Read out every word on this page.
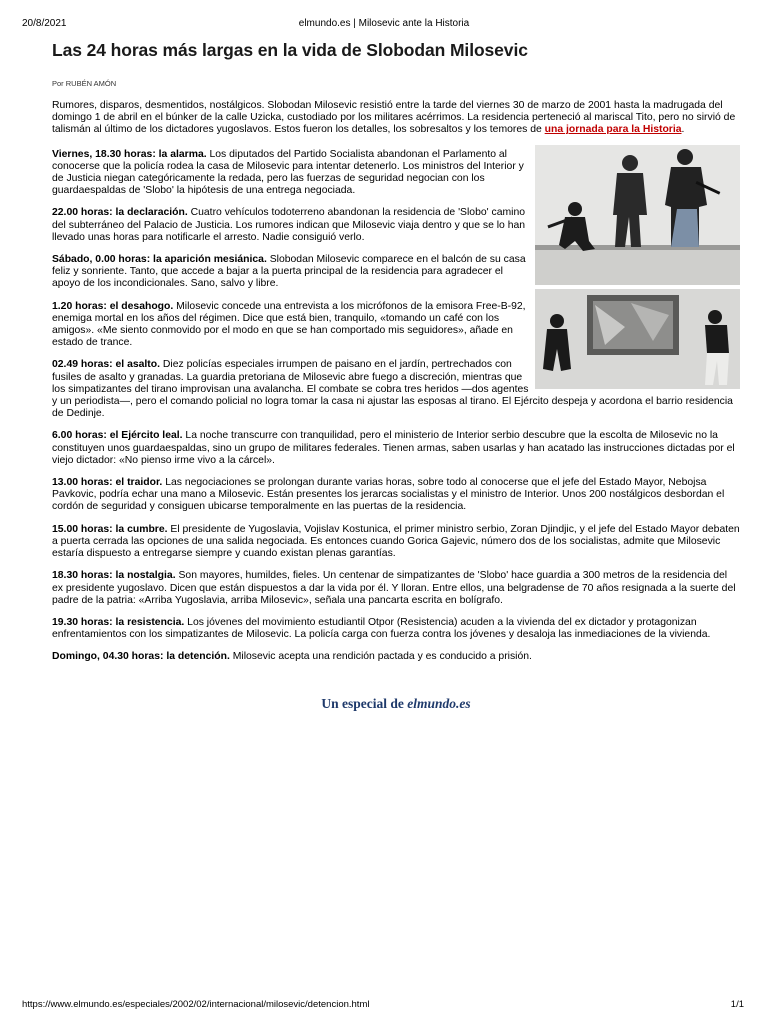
20/8/2021	elmundo.es | Milosevic ante la Historia
Las 24 horas más largas en la vida de Slobodan Milosevic
Por RUBÉN AMÓN

Rumores, disparos, desmentidos, nostálgicos. Slobodan Milosevic resistió entre la tarde del viernes 30 de marzo de 2001 hasta la madrugada del domingo 1 de abril en el búnker de la calle Uzicka, custodiado por los militares acérrimos. La residencia perteneció al mariscal Tito, pero no sirvió de talismán al último de los dictadores yugoslavos. Estos fueron los detalles, los sobresaltos y los temores de una jornada para la Historia.

Viernes, 18.30 horas: la alarma. Los diputados del Partido Socialista abandonan el Parlamento al conocerse que la policía rodea la casa de Milosevic para intentar detenerlo. Los ministros del Interior y de Justicia niegan categóricamente la redada, pero las fuerzas de seguridad negocian con los guardaespaldas de 'Slobo' la hipótesis de una entrega negociada.

22.00 horas: la declaración. Cuatro vehículos todoterreno abandonan la residencia de 'Slobo' camino del subterráneo del Palacio de Justicia. Los rumores indican que Milosevic viaja dentro y que se lo han llevado unas horas para notificarle el arresto. Nadie consiguió verlo.

Sábado, 0.00 horas: la aparición mesiánica. Slobodan Milosevic comparece en el balcón de su casa feliz y sonriente. Tanto, que accede a bajar a la puerta principal de la residencia para agradecer el apoyo de los incondicionales. Sano, salvo y libre.

1.20 horas: el desahogo. Milosevic concede una entrevista a los micrófonos de la emisora Free-B-92, enemiga mortal en los años del régimen. Dice que está bien, tranquilo, «tomando un café con los amigos». «Me siento conmovido por el modo en que se han comportado mis seguidores», añade en estado de trance.

02.49 horas: el asalto. Diez policías especiales irrumpen de paisano en el jardín, pertrechados con fusiles de asalto y granadas. La guardia pretoriana de Milosevic abre fuego a discreción, mientras que los simpatizantes del tirano improvisan una avalancha. El combate se cobra tres heridos —dos agentes y un periodista—, pero el comando policial no logra tomar la casa ni ajustar las esposas al tirano. El Ejército despeja y acordona el barrio residencia de Dedinje.

6.00 horas: el Ejército leal. La noche transcurre con tranquilidad, pero el ministerio de Interior serbio descubre que la escolta de Milosevic no la constituyen unos guardaespaldas, sino un grupo de militares federales. Tienen armas, saben usarlas y han acatado las instrucciones dictadas por el viejo dictador: «No pienso irme vivo a la cárcel».

13.00 horas: el traidor. Las negociaciones se prolongan durante varias horas, sobre todo al conocerse que el jefe del Estado Mayor, Nebojsa Pavkovic, podría echar una mano a Milosevic. Están presentes los jerarcas socialistas y el ministro de Interior. Unos 200 nostálgicos desbordan el cordón de seguridad y consiguen ubicarse temporalmente en las puertas de la residencia.

15.00 horas: la cumbre. El presidente de Yugoslavia, Vojislav Kostunica, el primer ministro serbio, Zoran Djindjic, y el jefe del Estado Mayor debaten a puerta cerrada las opciones de una salida negociada. Es entonces cuando Gorica Gajevic, número dos de los socialistas, admite que Milosevic estaría dispuesto a entregarse siempre y cuando existan plenas garantías.

18.30 horas: la nostalgia. Son mayores, humildes, fieles. Un centenar de simpatizantes de 'Slobo' hace guardia a 300 metros de la residencia del ex presidente yugoslavo. Dicen que están dispuestos a dar la vida por él. Y lloran. Entre ellos, una belgradense de 70 años resignada a la suerte del padre de la patria: «Arriba Yugoslavia, arriba Milosevic», señala una pancarta escrita en bolígrafo.

19.30 horas: la resistencia. Los jóvenes del movimiento estudiantil Otpor (Resistencia) acuden a la vivienda del ex dictador y protagonizan enfrentamientos con los simpatizantes de Milosevic. La policía carga con fuerza contra los jóvenes y desaloja las inmediaciones de la vivienda.

Domingo, 04.30 horas: la detención. Milosevic acepta una rendición pactada y es conducido a prisión.

Un especial de elmundo.es
https://www.elmundo.es/especiales/2002/02/internacional/milosevic/detencion.html	1/1
